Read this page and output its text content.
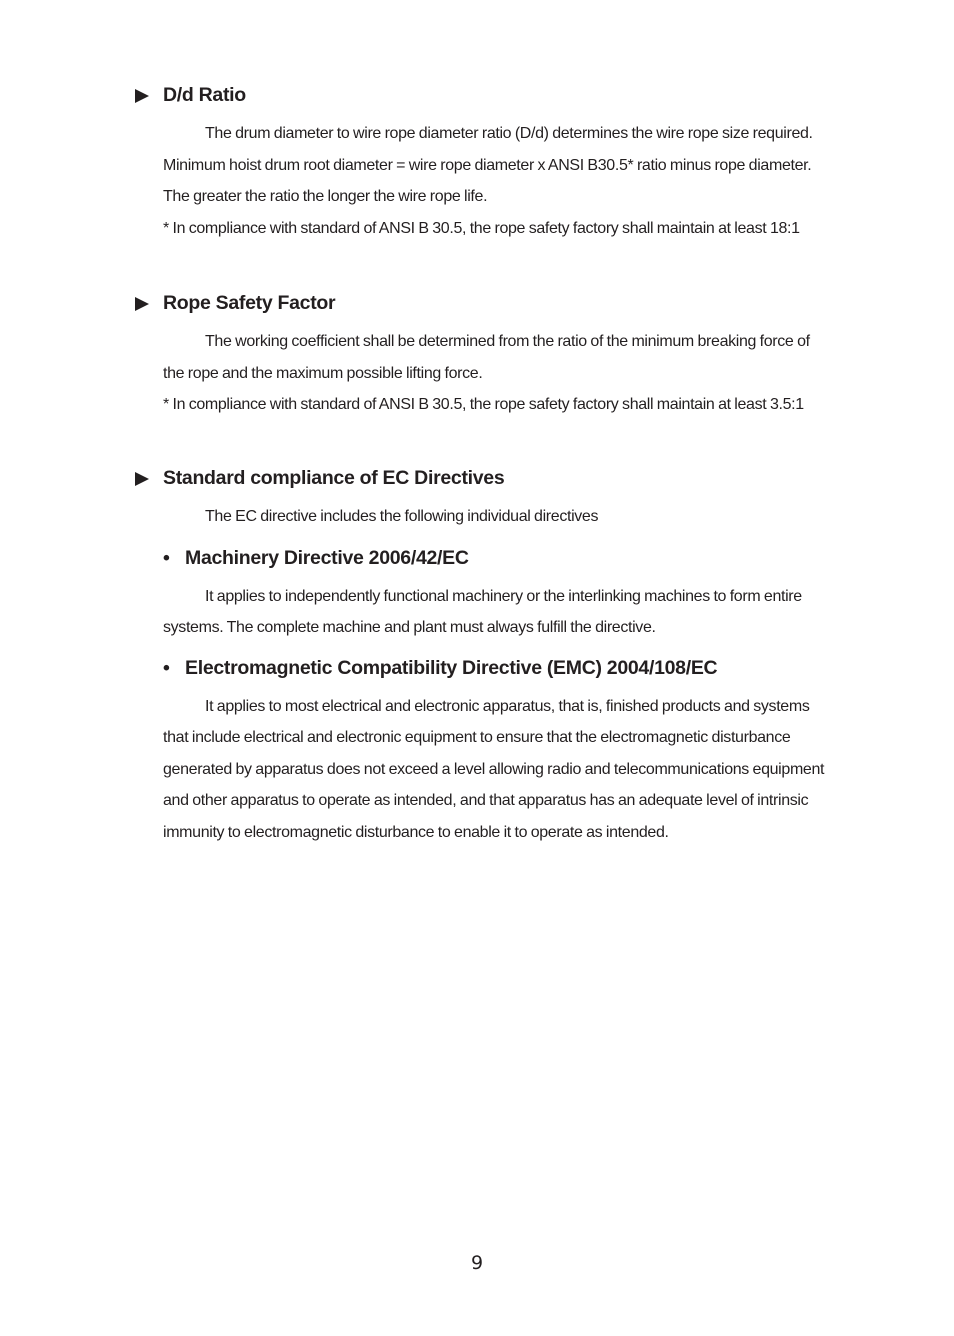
D/d Ratio
The drum diameter to wire rope diameter ratio (D/d) determines the wire rope size required.
Minimum hoist drum root diameter = wire rope diameter x ANSI B30.5* ratio minus rope diameter.
The greater the ratio the longer the wire rope life.
* In compliance with standard of ANSI B 30.5, the rope safety factory shall maintain at least 18:1
Rope Safety Factor
The working coefficient shall be determined from the ratio of the minimum breaking force of
the rope and the maximum possible lifting force.
* In compliance with standard of ANSI B 30.5, the rope safety factory shall maintain at least 3.5:1
Standard compliance of EC Directives
The EC directive includes the following individual directives
• Machinery Directive 2006/42/EC
It applies to independently functional machinery or the interlinking machines to form entire
systems. The complete machine and plant must always fulfill the directive.
• Electromagnetic Compatibility Directive (EMC) 2004/108/EC
It applies to most electrical and electronic apparatus, that is, finished products and systems
that include electrical and electronic equipment to ensure that the electromagnetic disturbance
generated by apparatus does not exceed a level allowing radio and telecommunications equipment
and other apparatus to operate as intended, and that apparatus has an adequate level of intrinsic
immunity to electromagnetic disturbance to enable it to operate as intended.
9
